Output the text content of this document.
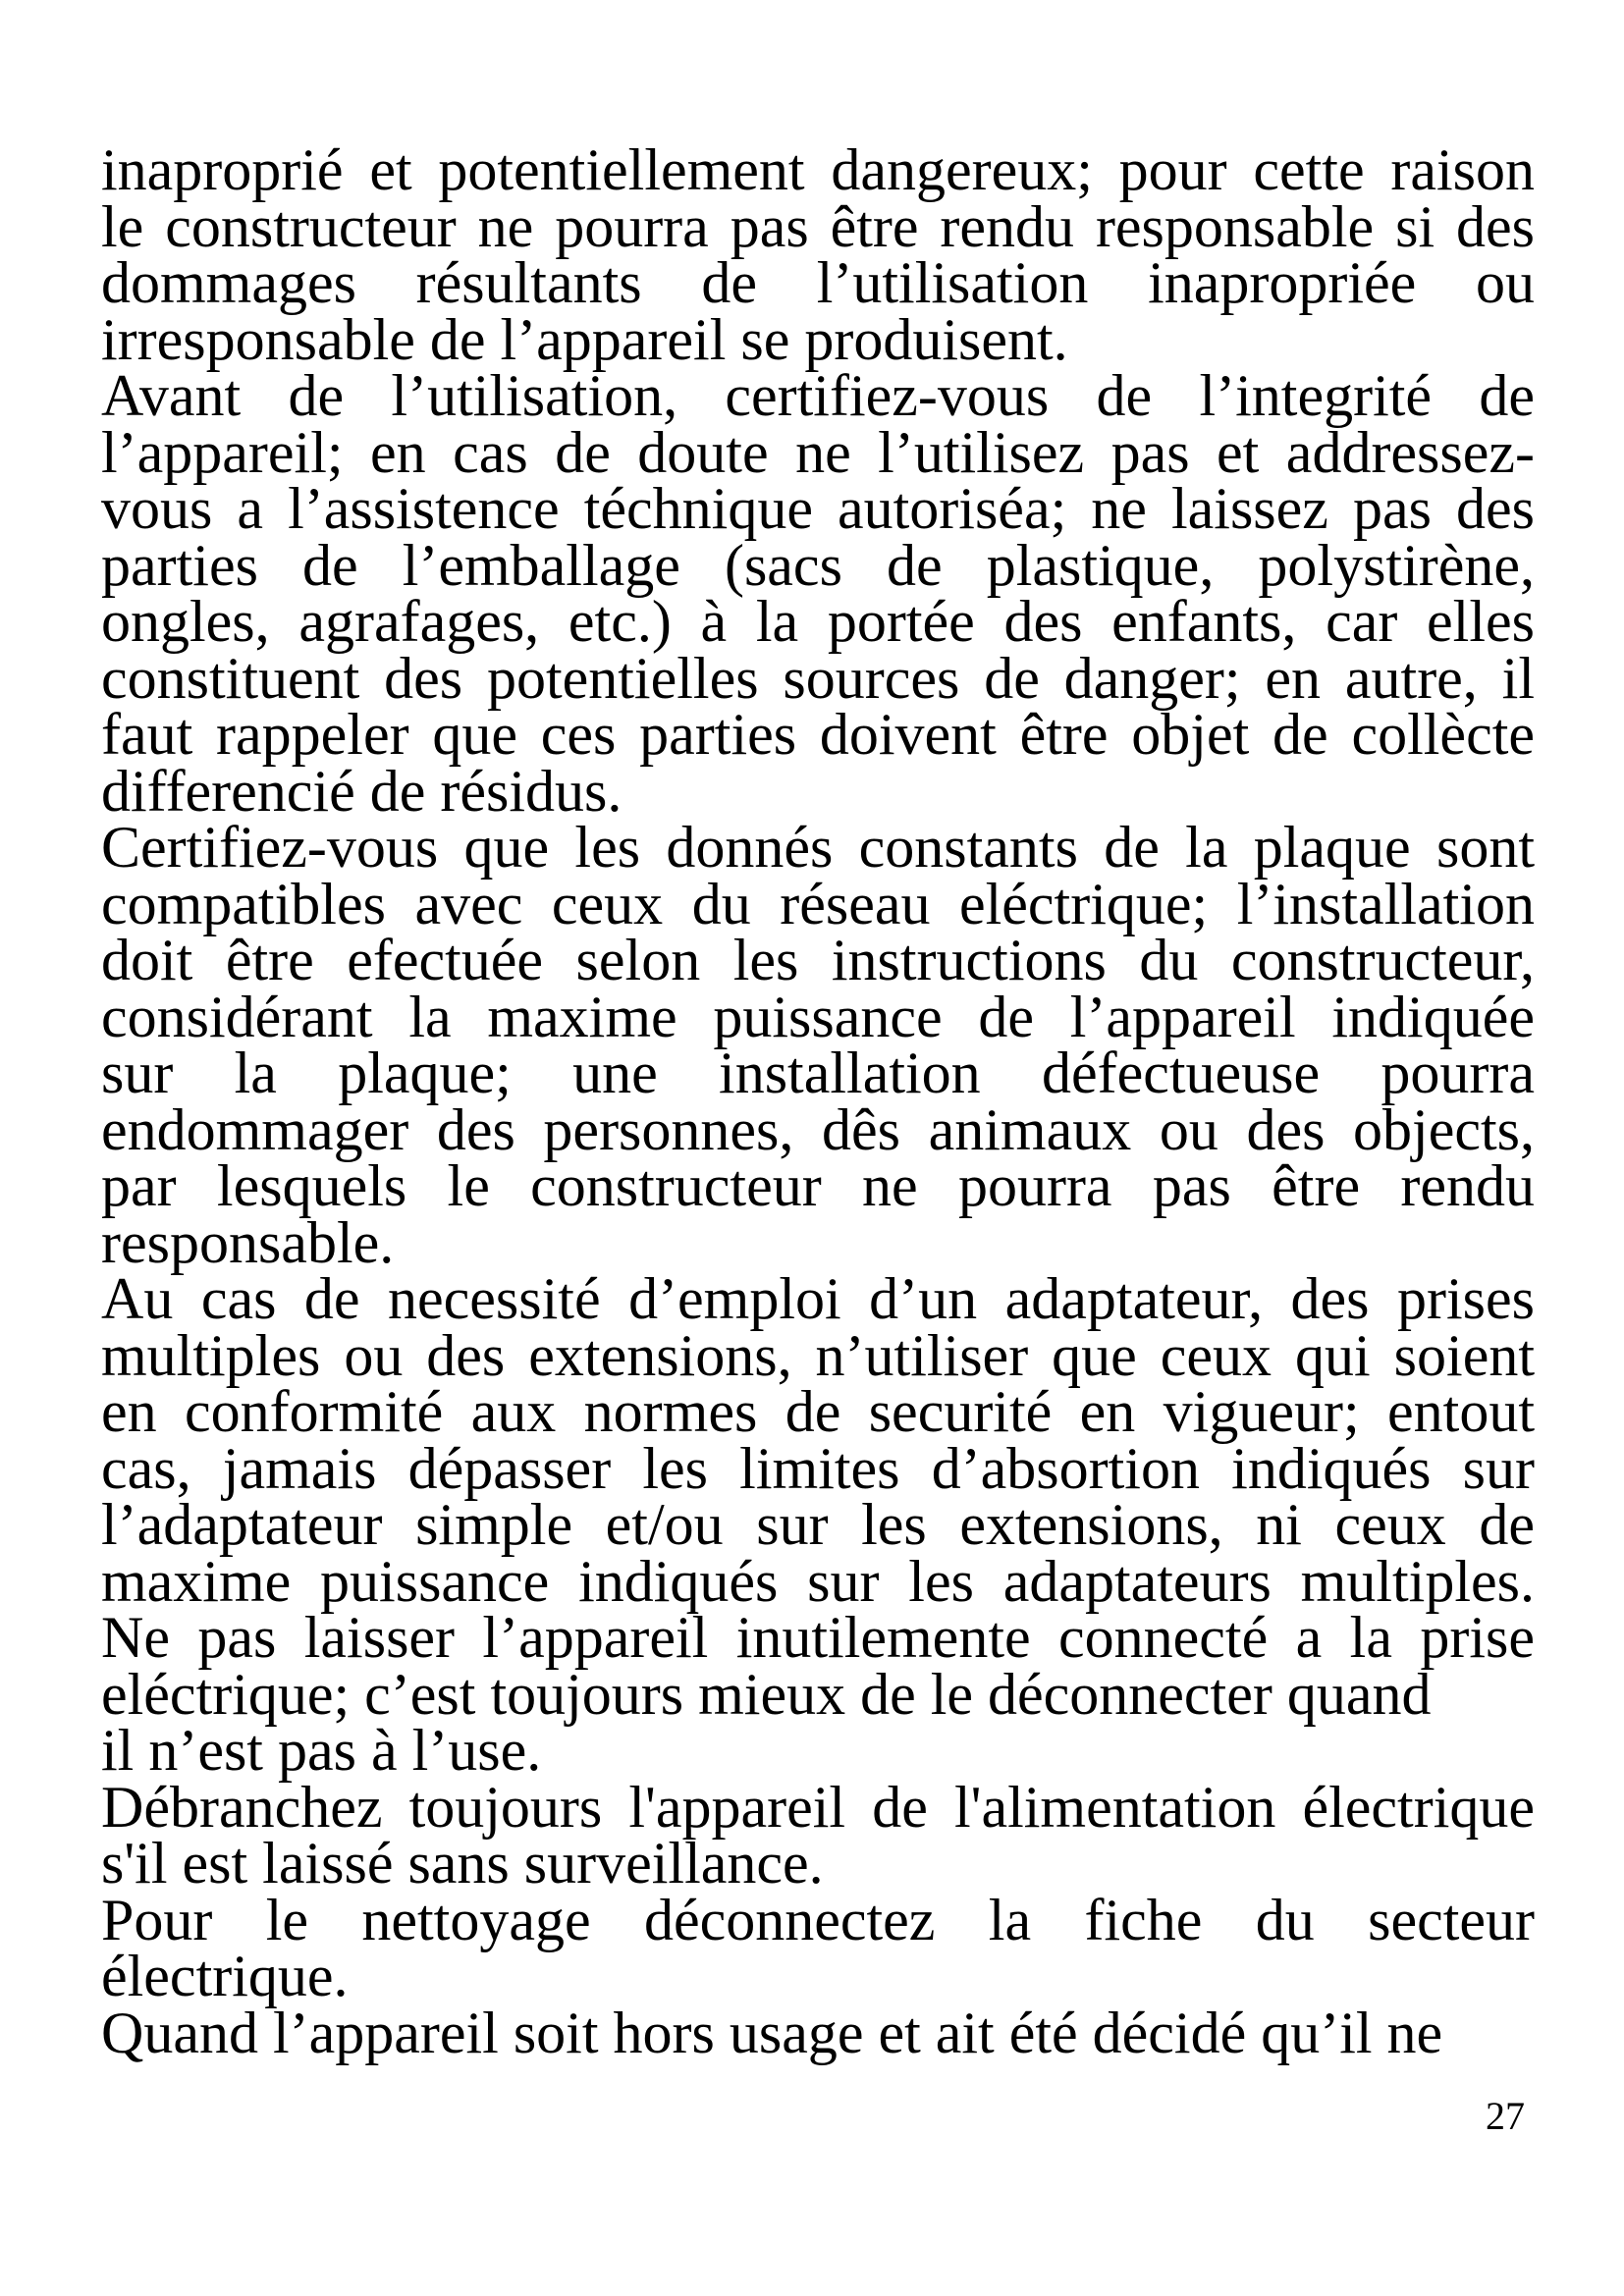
inaproprié et potentiellement dangereux; pour cette raison
le constructeur ne pourra pas être rendu responsable si des
dommages résultants de l’utilisation inapropriée ou
irresponsable de l’appareil se produisent.

Avant de l’utilisation, certifiez-vous de l’integrité de
l’appareil; en cas de doute ne l’utilisez pas et addressez-
vous a l’assistence téchnique autoriséa; ne laissez pas des
parties de l’emballage (sacs de plastique, polystirène,
ongles, agrafages, etc.) à la portée des enfants, car elles
constituent des potentielles sources de danger; en autre, il
faut rappeler que ces parties doivent être objet de collècte
differencié de résidus.

Certifiez-vous que les donnés constants de la plaque sont
compatibles avec ceux du réseau eléctrique; l’installation
doit être efectuée selon les instructions du constructeur,
considérant la maxime puissance de l’appareil indiquée
sur la plaque; une installation défectueuse pourra
endommager des personnes, dês animaux ou des objects,
par lesquels le constructeur ne pourra pas être rendu
responsable.

Au cas de necessité d’emploi d’un adaptateur, des prises
multiples ou des extensions, n’utiliser que ceux qui soient
en conformité aux normes de securité en vigueur; entout
cas, jamais dépasser les limites d’absortion indiqués sur
l’adaptateur simple et/ou sur les extensions, ni ceux de
maxime puissance indiqués sur les adaptateurs multiples.

Ne pas laisser l’appareil inutilemente connecté a la prise
eléctrique; c’est toujours mieux de le déconnecter quand
il n’est pas à l’use.

Débranchez toujours l'appareil de l'alimentation électrique
s'il est laissé sans surveillance.

Pour le nettoyage déconnectez la fiche du secteur
électrique.

Quand l’appareil soit hors usage et ait été décidé qu’il ne

27
